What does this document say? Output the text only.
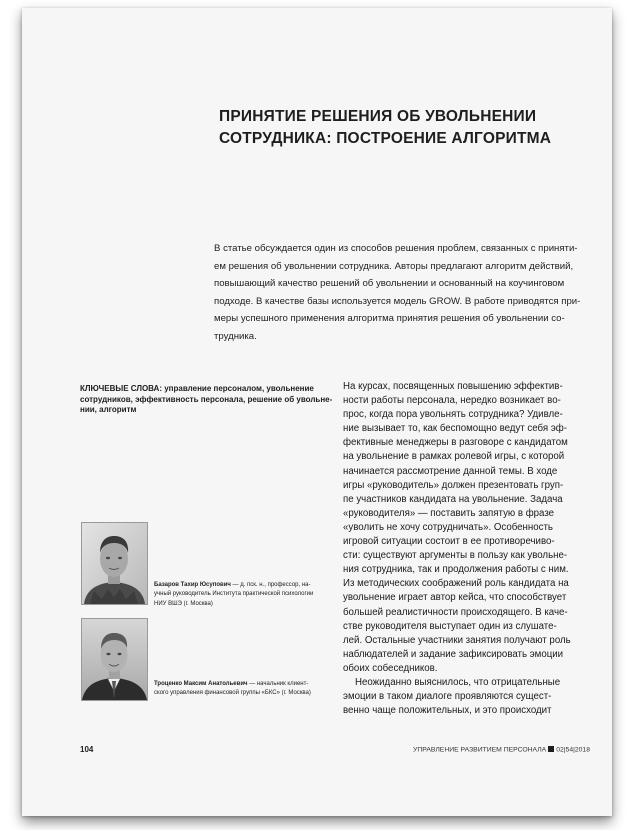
ПРИНЯТИЕ РЕШЕНИЯ ОБ УВОЛЬНЕНИИ
СОТРУДНИКА: ПОСТРОЕНИЕ АЛГОРИТМА
В статье обсуждается один из способов решения проблем, связанных с приняти-
ем решения об увольнении сотрудника. Авторы предлагают алгоритм действий,
повышающий качество решений об увольнении и основанный на коучинговом
подходе. В качестве базы используется модель GROW. В работе приводятся при-
меры успешного применения алгоритма принятия решения об увольнении со-
трудника.
КЛЮЧЕВЫЕ СЛОВА: управление персоналом, увольнение
сотрудников, эффективность персонала, решение об увольне-
нии, алгоритм
На курсах, посвященных повышению эффектив-
ности работы персонала, нередко возникает во-
прос, когда пора увольнять сотрудника? Удивле-
ние вызывает то, как беспомощно ведут себя эф-
фективные менеджеры в разговоре с кандидатом
на увольнение в рамках ролевой игры, с которой
начинается рассмотрение данной темы. В ходе
игры «руководитель» должен презентовать груп-
пе участников кандидата на увольнение. Задача
«руководителя» — поставить запятую в фразе
«уволить не хочу сотрудничать». Особенность
игровой ситуации состоит в ее противоречиво-
сти: существуют аргументы в пользу как увольне-
ния сотрудника, так и продолжения работы с ним.
Из методических соображений роль кандидата на
увольнение играет автор кейса, что способствует
большей реалистичности происходящего. В каче-
стве руководителя выступает один из слушате-
лей. Остальные участники занятия получают роль
наблюдателей и задание зафиксировать эмоции
обоих собеседников.
Неожиданно выяснилось, что отрицательные
эмоции в таком диалоге проявляются сущест-
венно чаще положительных, и это происходит
Базаров Тахир Юсупович — д. пск. н., профессор, на-
учный руководитель Института практической психологии
НИУ ВШЭ (г. Москва)
Троценко Максим Анатольевич — начальник клиент-
ского управления финансовой группы «БКС» (г. Москва)
104	УПРАВЛЕНИЕ РАЗВИТИЕМ ПЕРСОНАЛА 02|54|2018
